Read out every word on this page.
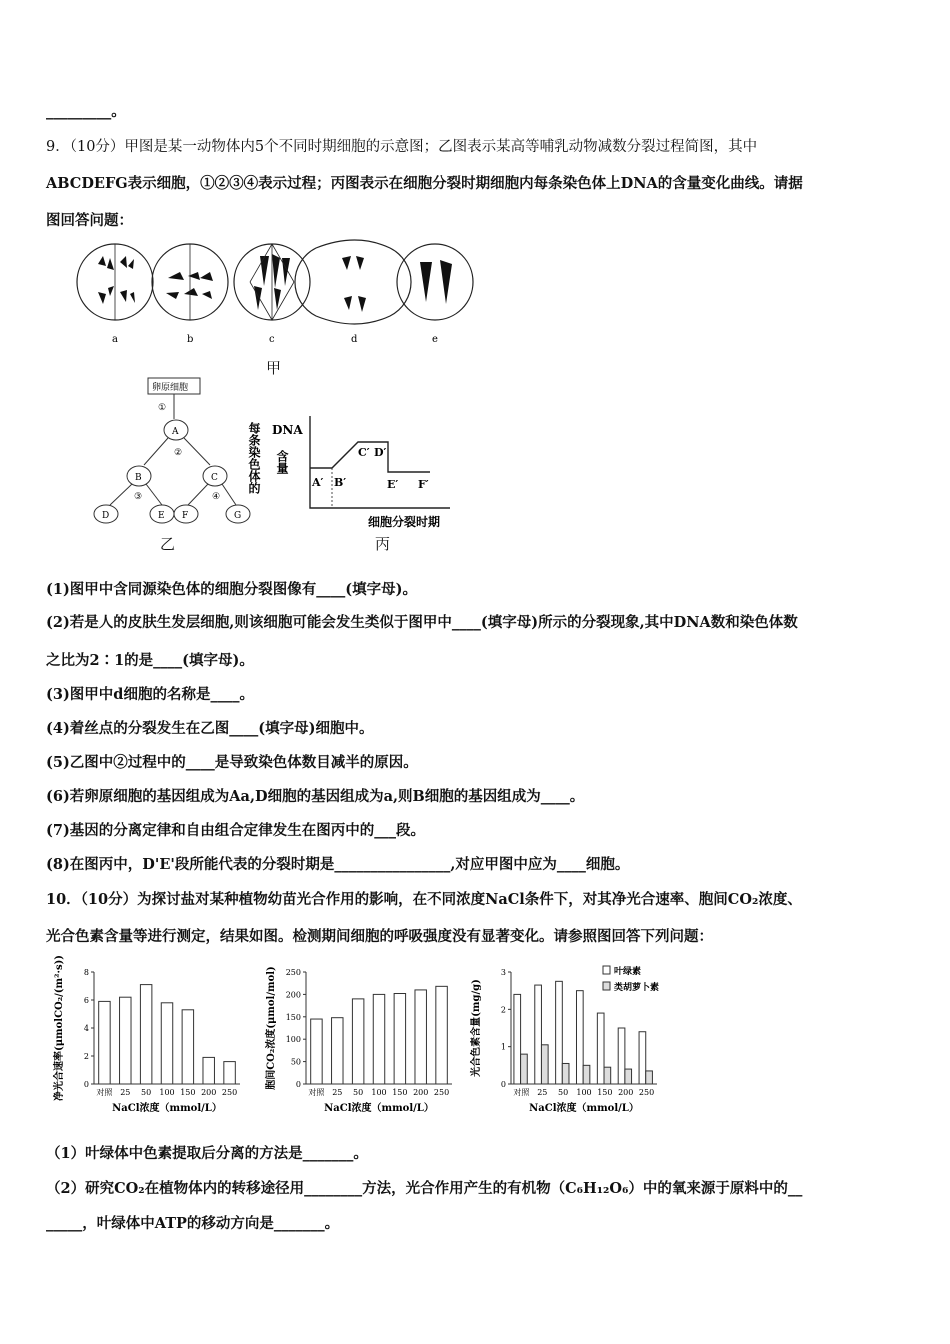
_________。
9．（10分）甲图是某一动物体内5个不同时期细胞的示意图；乙图表示某高等哺乳动物减数分裂过程简图，其中
ABCDEFG表示细胞，①②③④表示过程；丙图表示在细胞分裂时期细胞内每条染色体上DNA的含量变化曲线。请据
图回答问题：
a	b	c	d	e
甲
卵原细胞
①
②
③	④
A
B	C
D	E F	G
乙
每条染色体的 DNA
含量
A′ B′
C′ D′
E′ F′
细胞分裂时期
丙
(1)图甲中含同源染色体的细胞分裂图像有____(填字母)。
(2)若是人的皮肤生发层细胞,则该细胞可能会发生类似于图甲中____(填字母)所示的分裂现象,其中DNA数和染色体数
之比为2∶1的是____(填字母)。
(3)图甲中d细胞的名称是____。
(4)着丝点的分裂发生在乙图____(填字母)细胞中。
(5)乙图中②过程中的____是导致染色体数目减半的原因。
(6)若卵原细胞的基因组成为Aa,D细胞的基因组成为a,则B细胞的基因组成为____。
(7)基因的分离定律和自由组合定律发生在图丙中的___段。
(8)在图丙中，D'E'段所能代表的分裂时期是________________,对应甲图中应为____细胞。
10．（10分）为探讨盐对某种植物幼苗光合作用的影响，在不同浓度NaCl条件下，对其净光合速率、胞间CO₂浓度、
光合色素含量等进行测定，结果如图。检测期间细胞的呼吸强度没有显著变化。请参照图回答下列问题：
0
2
4
6
8
净光合速率(μmolCO₂/(m²·s))	对照 25 50 100 150 200 250
NaCl浓度（mmol/L）
0
50
100
150
200
250
胞间CO₂浓度(μmol/mol)
对照 25 50 100 150 200 250
NaCl浓度（mmol/L）
0
1
2
3
光合色素含量(mg/g)
对照 25 50 100 150 200 250
NaCl浓度（mmol/L）
叶绿素
类胡萝卜素
（1）叶绿体中色素提取后分离的方法是_______。
（2）研究CO₂在植物体内的转移途径用________方法，光合作用产生的有机物（C₆H₁₂O₆）中的氧来源于原料中的__
_____，叶绿体中ATP的移动方向是_______。
